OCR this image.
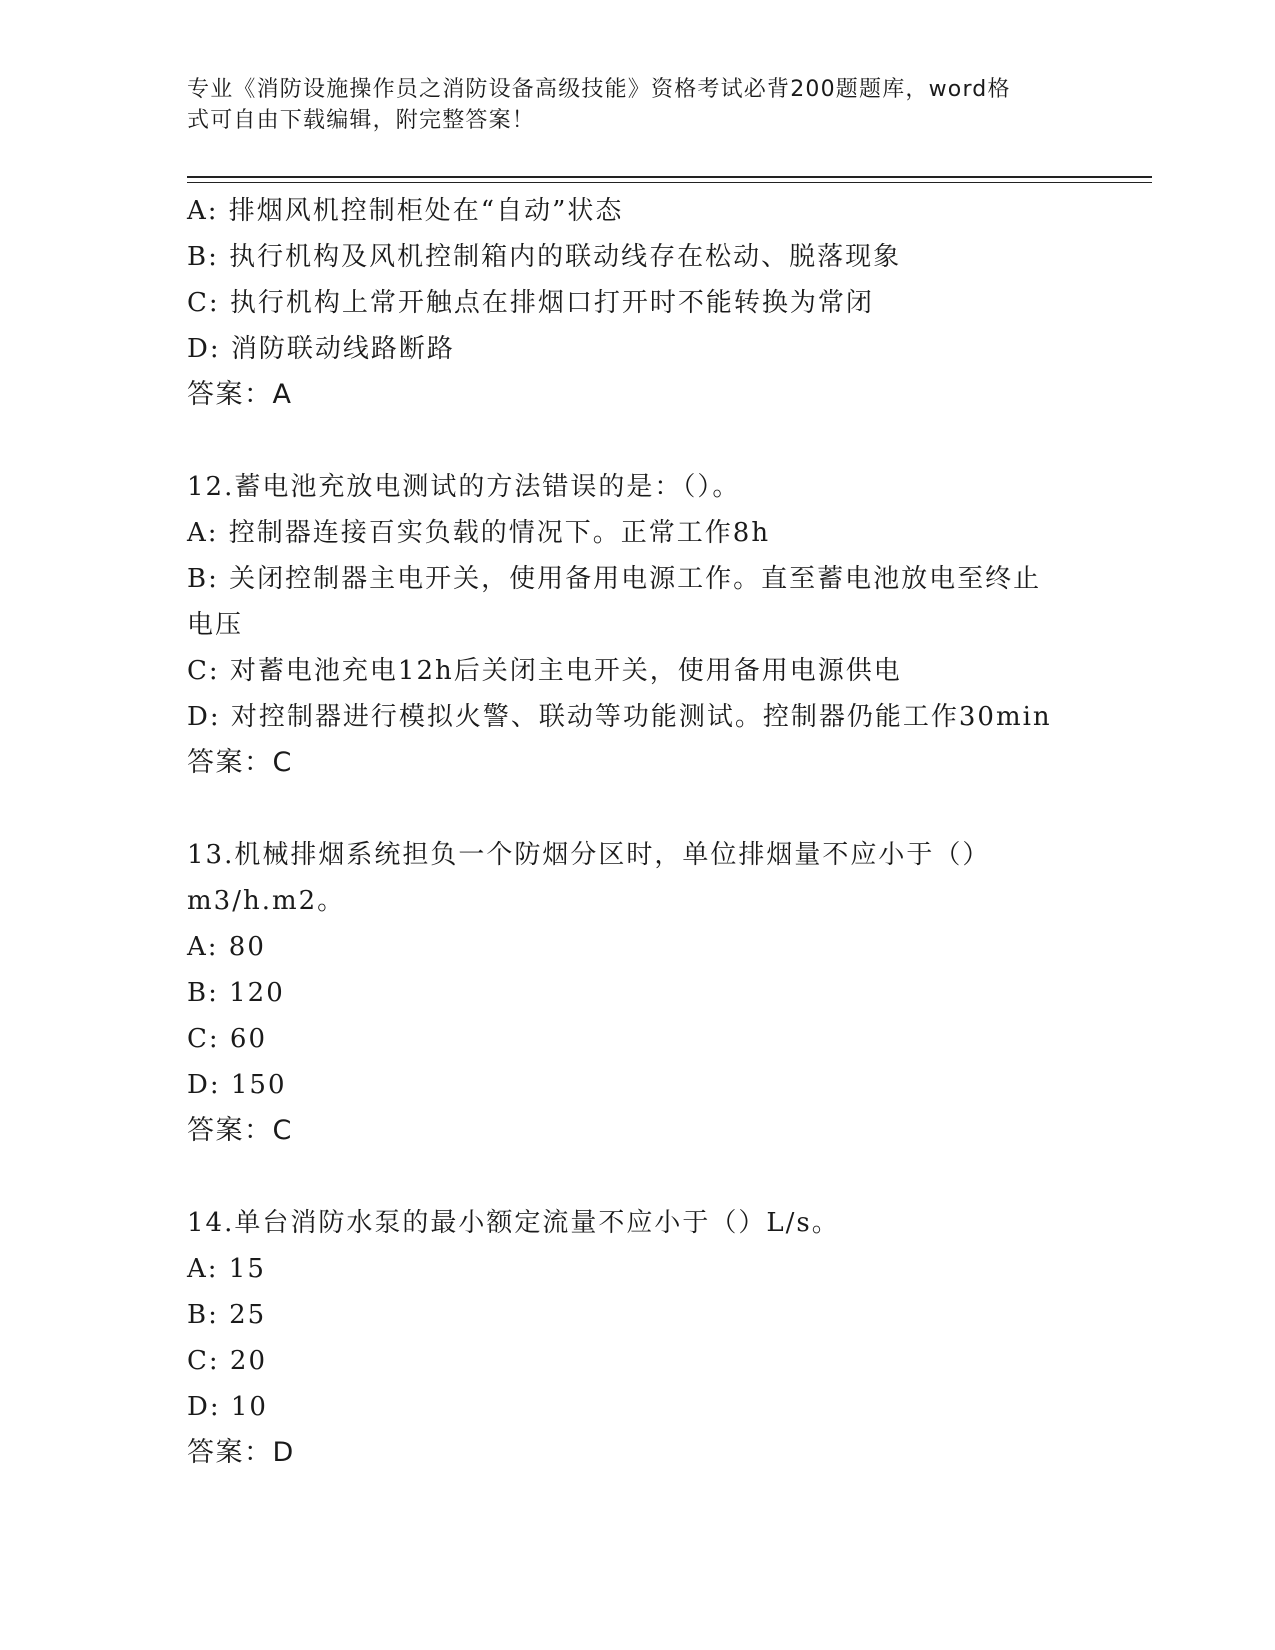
专业《消防设施操作员之消防设备高级技能》资格考试必背200题题库，word格
式可自由下载编辑，附完整答案！
A: 排烟风机控制柜处在“自动”状态
B: 执行机构及风机控制箱内的联动线存在松动、脱落现象
C: 执行机构上常开触点在排烟口打开时不能转换为常闭
D: 消防联动线路断路
答案：A
12.蓄电池充放电测试的方法错误的是：（）。
A: 控制器连接百实负载的情况下。正常工作8h
B: 关闭控制器主电开关，使用备用电源工作。直至蓄电池放电至终止
电压
C: 对蓄电池充电12h后关闭主电开关，使用备用电源供电
D: 对控制器进行模拟火警、联动等功能测试。控制器仍能工作30min
答案：C
13.机械排烟系统担负一个防烟分区时，单位排烟量不应小于（）
m3/h.m2。
A: 80
B: 120
C: 60
D: 150
答案：C
14.单台消防水泵的最小额定流量不应小于（）L/s。
A: 15
B: 25
C: 20
D: 10
答案：D
